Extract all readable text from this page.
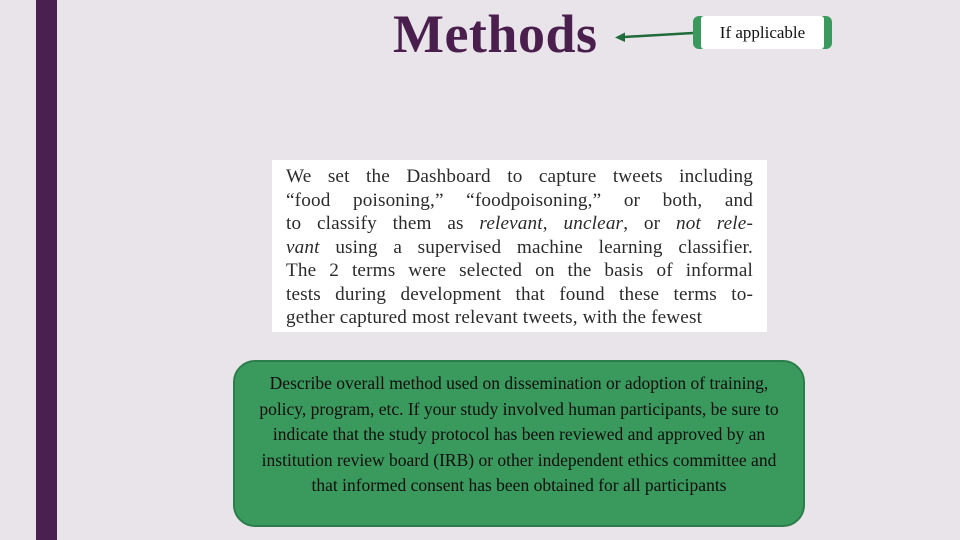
Methods	If applicable
We set the Dashboard to capture tweets including
“food poisoning,” “foodpoisoning,” or both, and
to classify them as relevant, unclear, or not rele-
vant using a supervised machine learning classifier.
The 2 terms were selected on the basis of informal
tests during development that found these terms to-
gether captured most relevant tweets, with the fewest
Describe overall method used on dissemination or adoption of training, policy, program, etc. If your study involved human participants, be sure to indicate that the study protocol has been reviewed and approved by an institution review board (IRB) or other independent ethics committee and that informed consent has been obtained for all participants
